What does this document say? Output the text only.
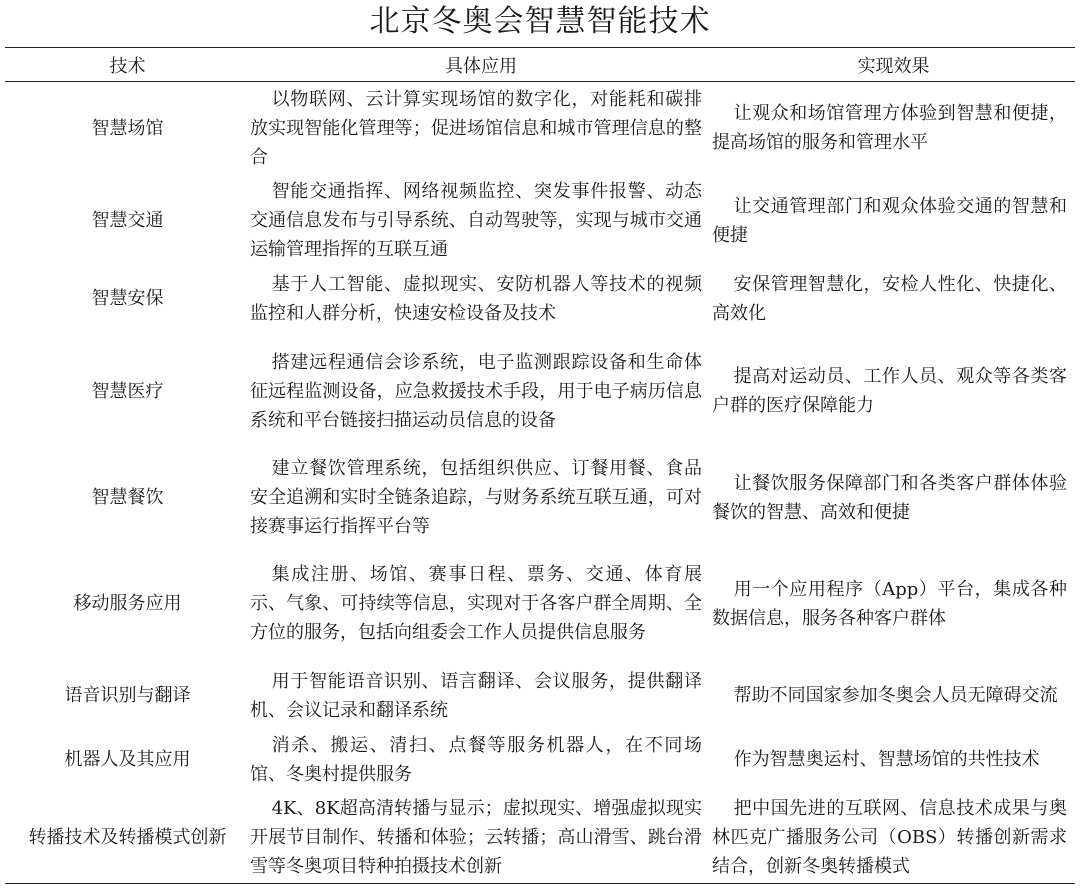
北京冬奥会智慧智能技术
技术	具体应用	实现效果
智慧场馆	以物联网、云计算实现场馆的数字化，对能耗和碳排放实现智能化管理等；促进场馆信息和城市管理信息的整合	让观众和场馆管理方体验到智慧和便捷，提高场馆的服务和管理水平
智慧交通	智能交通指挥、网络视频监控、突发事件报警、动态交通信息发布与引导系统、自动驾驶等，实现与城市交通运输管理指挥的互联互通	让交通管理部门和观众体验交通的智慧和便捷
智慧安保	基于人工智能、虚拟现实、安防机器人等技术的视频监控和人群分析，快速安检设备及技术	安保管理智慧化，安检人性化、快捷化、高效化
智慧医疗	搭建远程通信会诊系统，电子监测跟踪设备和生命体征远程监测设备，应急救援技术手段，用于电子病历信息系统和平台链接扫描运动员信息的设备	提高对运动员、工作人员、观众等各类客户群的医疗保障能力
智慧餐饮	建立餐饮管理系统，包括组织供应、订餐用餐、食品安全追溯和实时全链条追踪，与财务系统互联互通，可对接赛事运行指挥平台等	让餐饮服务保障部门和各类客户群体体验餐饮的智慧、高效和便捷
移动服务应用	集成注册、场馆、赛事日程、票务、交通、体育展示、气象、可持续等信息，实现对于各客户群全周期、全方位的服务，包括向组委会工作人员提供信息服务	用一个应用程序（App）平台，集成各种数据信息，服务各种客户群体
语音识别与翻译	用于智能语音识别、语言翻译、会议服务，提供翻译机、会议记录和翻译系统	帮助不同国家参加冬奥会人员无障碍交流
机器人及其应用	消杀、搬运、清扫、点餐等服务机器人，在不同场馆、冬奥村提供服务	作为智慧奥运村、智慧场馆的共性技术
转播技术及转播模式创新	4K、8K超高清转播与显示；虚拟现实、增强虚拟现实开展节目制作、转播和体验；云转播；高山滑雪、跳台滑雪等冬奥项目特种拍摄技术创新	把中国先进的互联网、信息技术成果与奥林匹克广播服务公司（OBS）转播创新需求结合，创新冬奥转播模式
